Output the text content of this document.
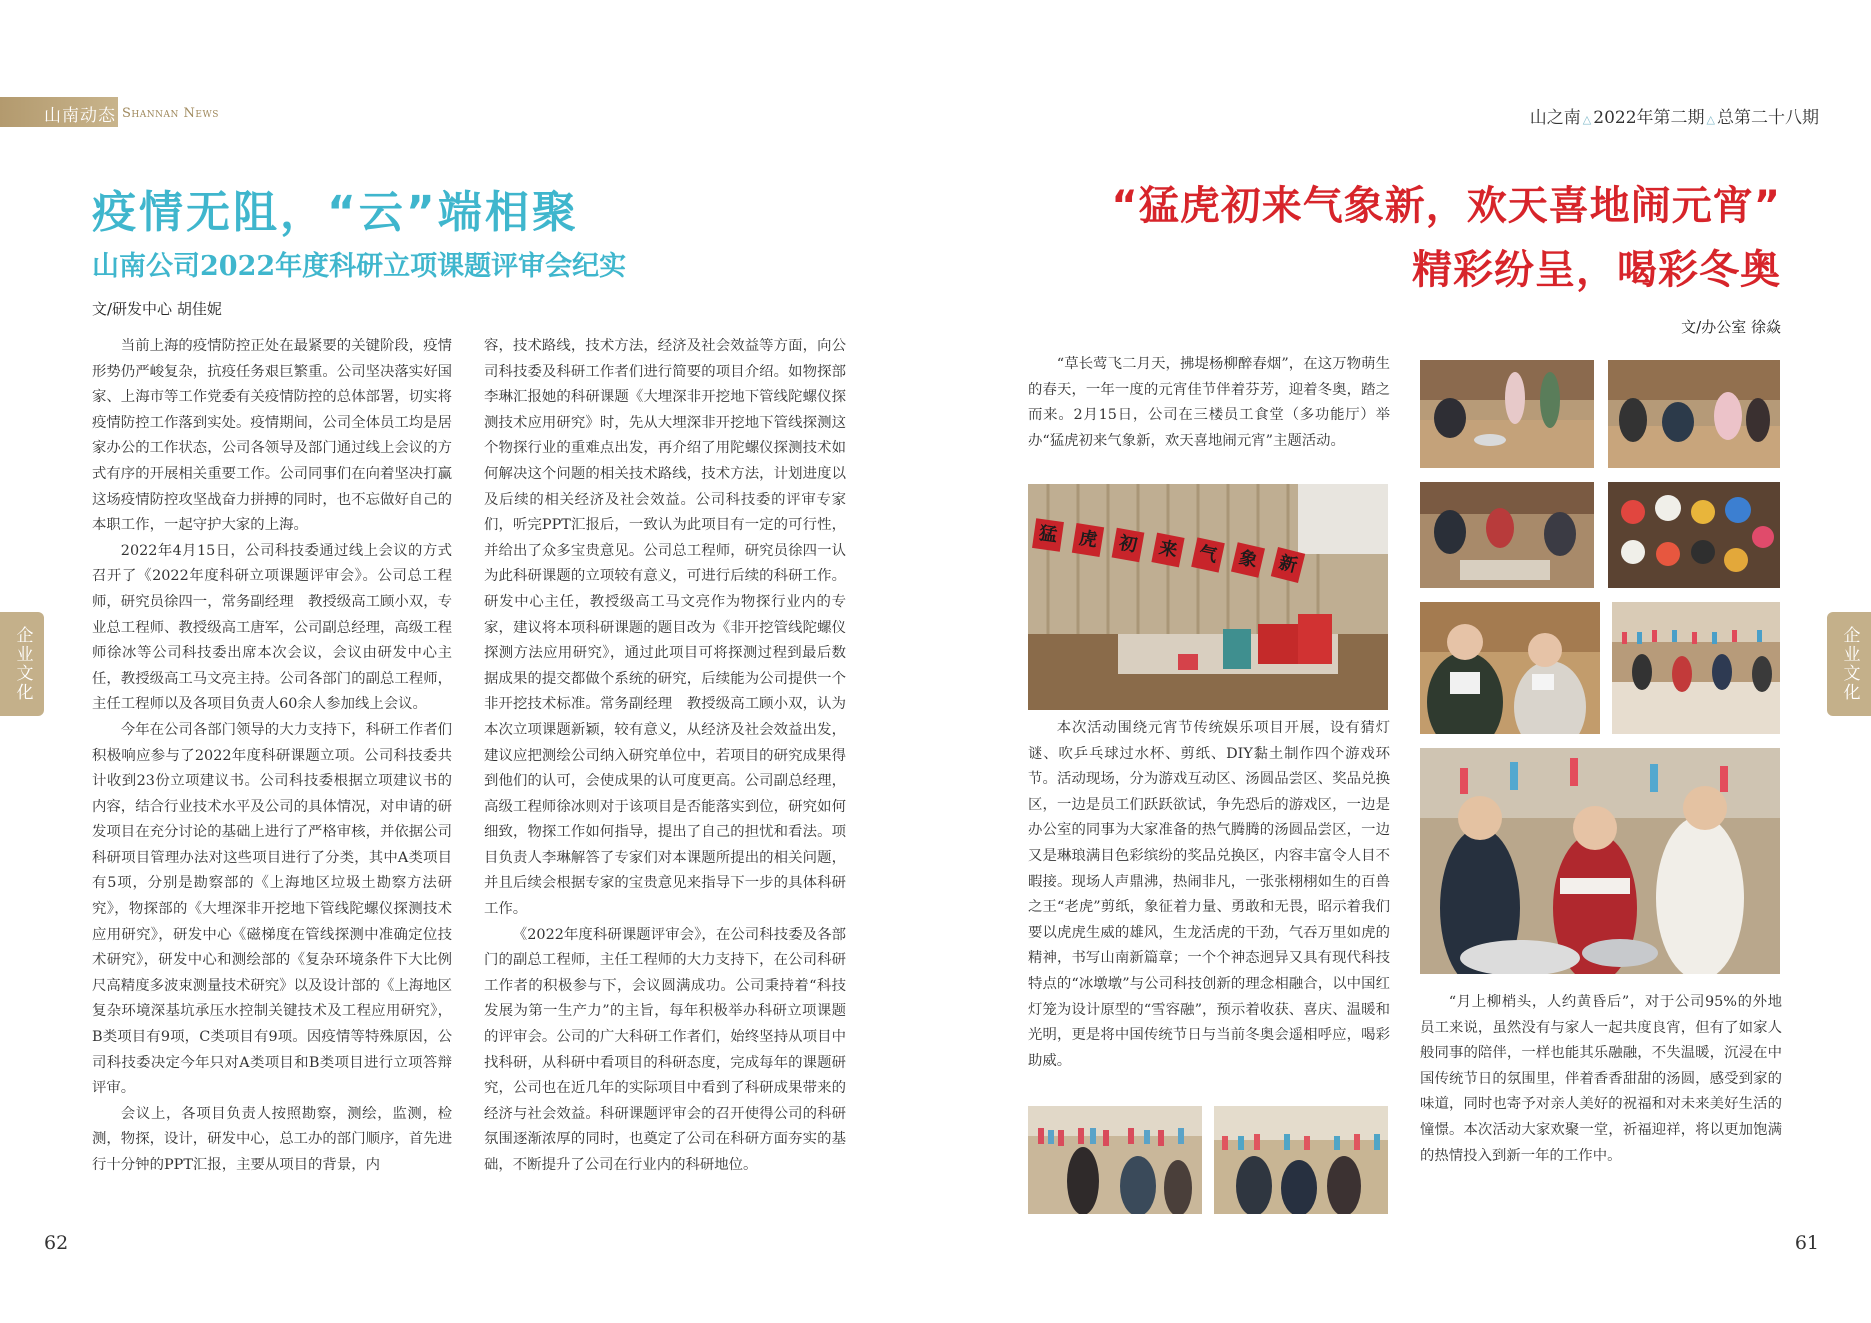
山南动态 Shannan News	山之南 △ 2022年第二期 △ 总第二十八期
企业文化	企业文化
疫情无阻，“云”端相聚
山南公司2022年度科研立项课题评审会纪实
文/研发中心 胡佳妮

当前上海的疫情防控正处在最紧要的关键阶段，疫情形势仍严峻复杂，抗疫任务艰巨繁重。公司坚决落实好国家、上海市等工作党委有关疫情防控的总体部署，切实将疫情防控工作落到实处。疫情期间，公司全体员工均是居家办公的工作状态，公司各领导及部门通过线上会议的方式有序的开展相关重要工作。公司同事们在向着坚决打赢这场疫情防控攻坚战奋力拼搏的同时，也不忘做好自己的本职工作，一起守护大家的上海。

2022年4月15日，公司科技委通过线上会议的方式召开了《2022年度科研立项课题评审会》。公司总工程师，研究员徐四一，常务副经理　教授级高工顾小双，专业总工程师、教授级高工唐军，公司副总经理，高级工程师徐冰等公司科技委出席本次会议，会议由研发中心主任，教授级高工马文亮主持。公司各部门的副总工程师，主任工程师以及各项目负责人60余人参加线上会议。

今年在公司各部门领导的大力支持下，科研工作者们积极响应参与了2022年度科研课题立项。公司科技委共计收到23份立项建议书。公司科技委根据立项建议书的内容，结合行业技术水平及公司的具体情况，对申请的研发项目在充分讨论的基础上进行了严格审核，并依据公司科研项目管理办法对这些项目进行了分类，其中A类项目有5项，分别是勘察部的《上海地区垃圾土勘察方法研究》，物探部的《大埋深非开挖地下管线陀螺仪探测技术应用研究》，研发中心《磁梯度在管线探测中准确定位技术研究》，研发中心和测绘部的《复杂环境条件下大比例尺高精度多波束测量技术研究》以及设计部的《上海地区复杂环境深基坑承压水控制关键技术及工程应用研究》，B类项目有9项，C类项目有9项。因疫情等特殊原因，公司科技委决定今年只对A类项目和B类项目进行立项答辩评审。

会议上，各项目负责人按照勘察，测绘，监测，检测，物探，设计，研发中心，总工办的部门顺序，首先进行十分钟的PPT汇报，主要从项目的背景，内

容，技术路线，技术方法，经济及社会效益等方面，向公司科技委及科研工作者们进行简要的项目介绍。如物探部李琳汇报她的科研课题《大埋深非开挖地下管线陀螺仪探测技术应用研究》时，先从大埋深非开挖地下管线探测这个物探行业的重难点出发，再介绍了用陀螺仪探测技术如何解决这个问题的相关技术路线，技术方法，计划进度以及后续的相关经济及社会效益。公司科技委的评审专家们，听完PPT汇报后，一致认为此项目有一定的可行性，并给出了众多宝贵意见。公司总工程师，研究员徐四一认为此科研课题的立项较有意义，可进行后续的科研工作。研发中心主任，教授级高工马文亮作为物探行业内的专家，建议将本项科研课题的题目改为《非开挖管线陀螺仪探测方法应用研究》，通过此项目可将探测过程到最后数据成果的提交都做个系统的研究，后续能为公司提供一个非开挖技术标准。常务副经理　教授级高工顾小双，认为本次立项课题新颖，较有意义，从经济及社会效益出发，建议应把测绘公司纳入研究单位中，若项目的研究成果得到他们的认可，会使成果的认可度更高。公司副总经理，高级工程师徐冰则对于该项目是否能落实到位，研究如何细致，物探工作如何指导，提出了自己的担忧和看法。项目负责人李琳解答了专家们对本课题所提出的相关问题，并且后续会根据专家的宝贵意见来指导下一步的具体科研工作。

《2022年度科研课题评审会》，在公司科技委及各部门的副总工程师，主任工程师的大力支持下，在公司科研工作者的积极参与下，会议圆满成功。公司秉持着“科技发展为第一生产力”的主旨，每年积极举办科研立项课题的评审会。公司的广大科研工作者们，始终坚持从项目中找科研，从科研中看项目的科研态度，完成每年的课题研究，公司也在近几年的实际项目中看到了科研成果带来的经济与社会效益。科研课题评审会的召开使得公司的科研氛围逐渐浓厚的同时，也奠定了公司在科研方面夯实的基础，不断提升了公司在行业内的科研地位。

“猛虎初来气象新，欢天喜地闹元宵”
精彩纷呈，喝彩冬奥
文/办公室 徐焱

“草长莺飞二月天，拂堤杨柳醉春烟”，在这万物萌生的春天，一年一度的元宵佳节伴着芬芳，迎着冬奥，踏之而来。2月15日，公司在三楼员工食堂（多功能厅）举办“猛虎初来气象新，欢天喜地闹元宵”主题活动。

本次活动围绕元宵节传统娱乐项目开展，设有猜灯谜、吹乒乓球过水杯、剪纸、DIY黏土制作四个游戏环节。活动现场，分为游戏互动区、汤圆品尝区、奖品兑换区，一边是员工们跃跃欲试，争先恐后的游戏区，一边是办公室的同事为大家准备的热气腾腾的汤圆品尝区，一边又是琳琅满目色彩缤纷的奖品兑换区，内容丰富令人目不暇接。现场人声鼎沸，热闹非凡，一张张栩栩如生的百兽之王“老虎”剪纸，象征着力量、勇敢和无畏，昭示着我们要以虎虎生威的雄风，生龙活虎的干劲，气吞万里如虎的精神，书写山南新篇章；一个个神态迥异又具有现代科技特点的“冰墩墩”与公司科技创新的理念相融合，以中国红灯笼为设计原型的“雪容融”，预示着收获、喜庆、温暖和光明，更是将中国传统节日与当前冬奥会遥相呼应，喝彩助威。

“月上柳梢头，人约黄昏后”，对于公司95%的外地员工来说，虽然没有与家人一起共度良宵，但有了如家人般同事的陪伴，一样也能其乐融融，不失温暖，沉浸在中国传统节日的氛围里，伴着香香甜甜的汤圆，感受到家的味道，同时也寄予对亲人美好的祝福和对未来美好生活的憧憬。本次活动大家欢聚一堂，祈福迎祥，将以更加饱满的热情投入到新一年的工作中。

猛	虎	初	来	气 象 新
62	61
